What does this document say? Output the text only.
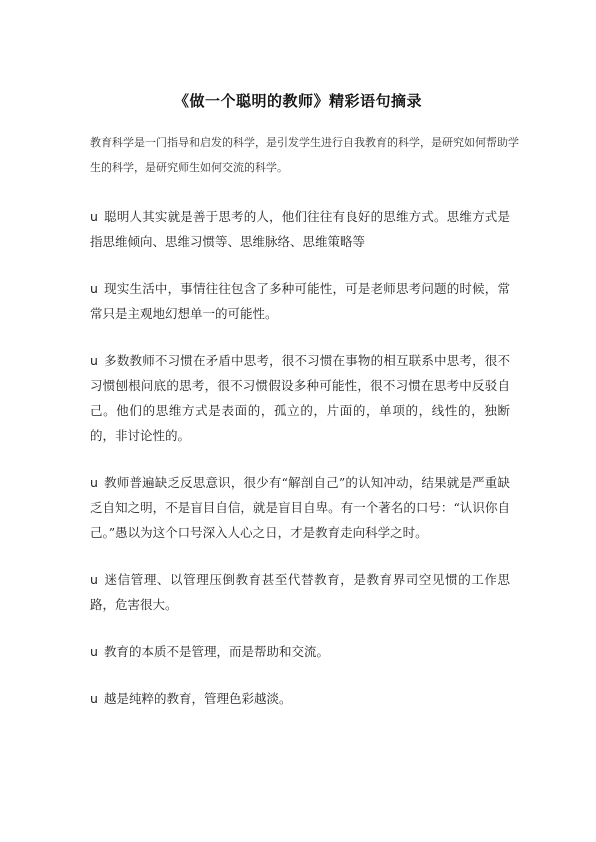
《做一个聪明的教师》精彩语句摘录
教育科学是一门指导和启发的科学，是引发学生进行自我教育的科学，是研究如何帮助学生的科学，是研究师生如何交流的科学。
u 聪明人其实就是善于思考的人，他们往往有良好的思维方式。思维方式是指思维倾向、思维习惯等、思维脉络、思维策略等
u 现实生活中，事情往往包含了多种可能性，可是老师思考问题的时候，常常只是主观地幻想单一的可能性。
u 多数教师不习惯在矛盾中思考，很不习惯在事物的相互联系中思考，很不习惯刨根问底的思考，很不习惯假设多种可能性，很不习惯在思考中反驳自己。他们的思维方式是表面的，孤立的，片面的，单项的，线性的，独断的，非讨论性的。
u 教师普遍缺乏反思意识，很少有“解剖自己”的认知冲动，结果就是严重缺乏自知之明，不是盲目自信，就是盲目自卑。有一个著名的口号：“认识你自己。”愚以为这个口号深入人心之日，才是教育走向科学之时。
u 迷信管理、以管理压倒教育甚至代替教育，是教育界司空见惯的工作思路，危害很大。
u 教育的本质不是管理，而是帮助和交流。
u 越是纯粹的教育，管理色彩越淡。
